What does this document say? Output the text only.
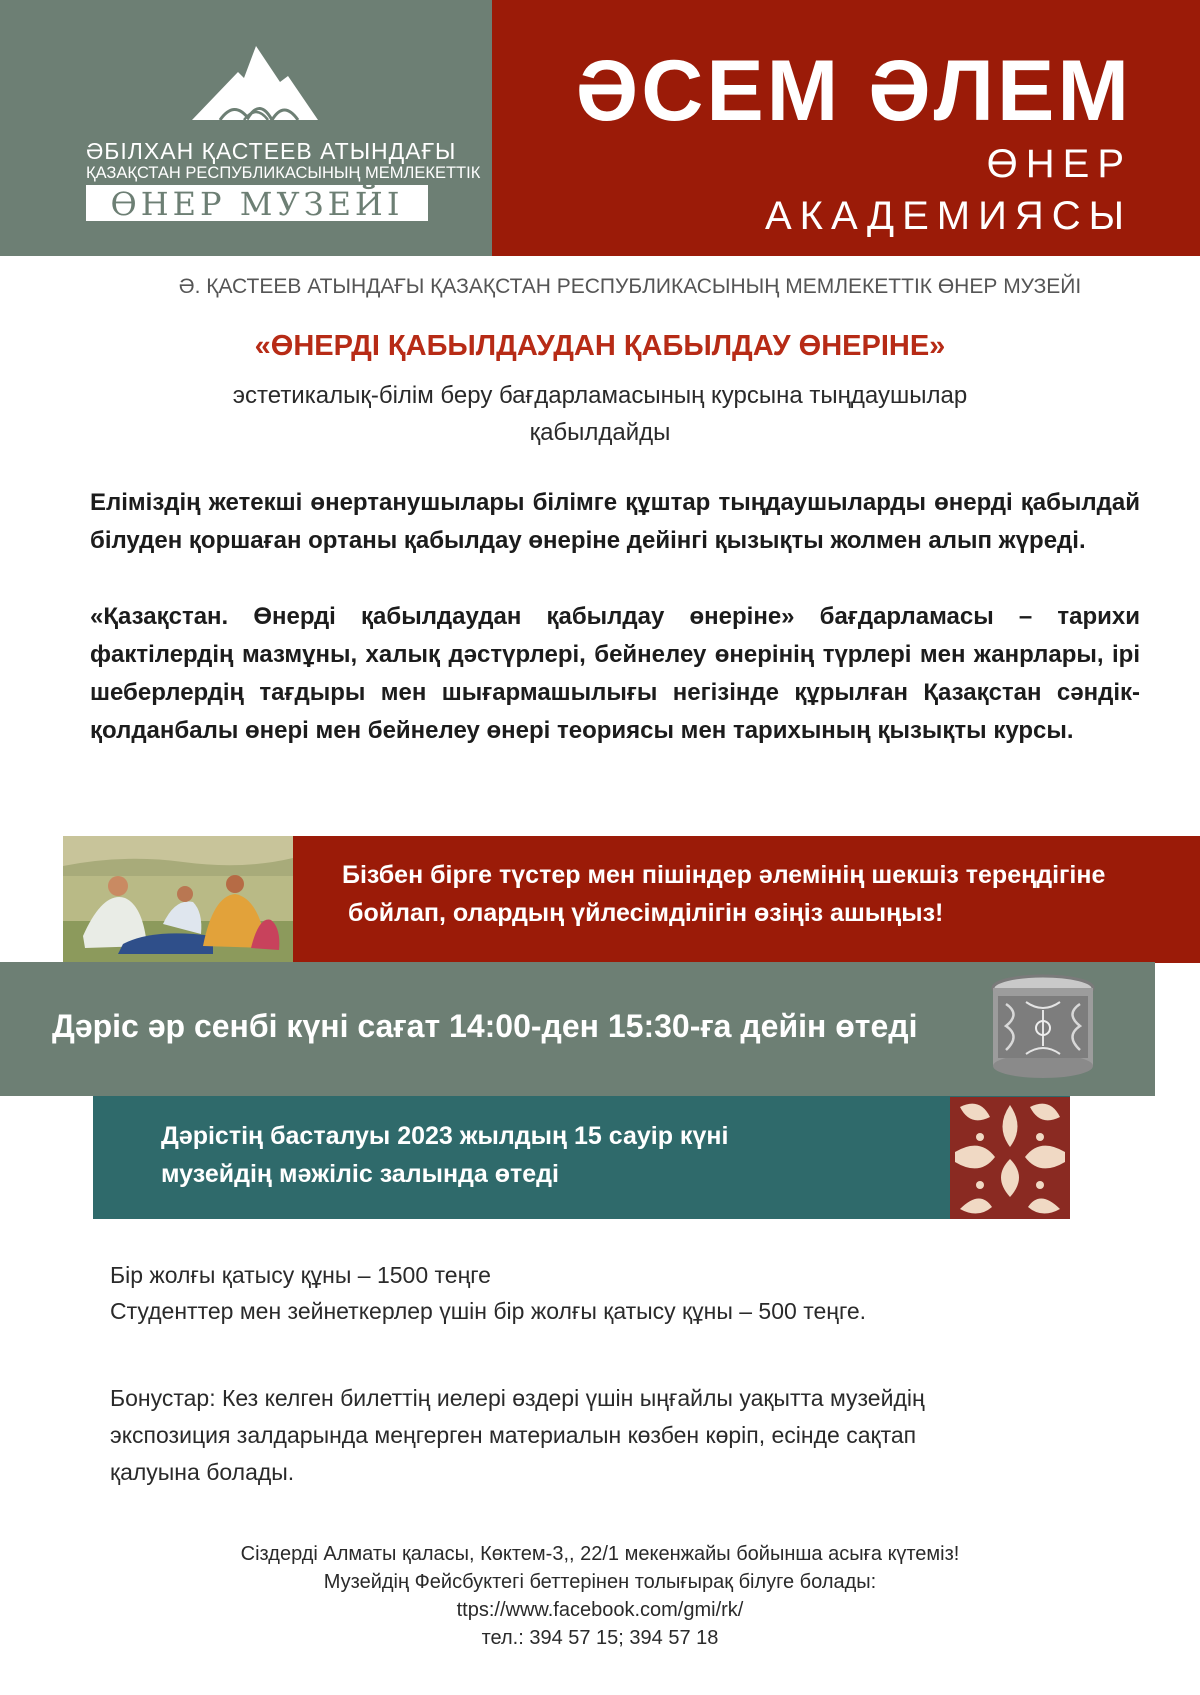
ӘБІЛХАН ҚАСТЕЕВ АТЫНДАҒЫ
ҚАЗАҚСТАН РЕСПУБЛИКАСЫНЫҢ МЕМЛЕКЕТТІК
ӨНЕР МУЗЕЙІ
ӘСЕМ ӘЛЕМ
ӨНЕР
АКАДЕМИЯСЫ
Ә. ҚАСТЕЕВ АТЫНДАҒЫ ҚАЗАҚСТАН РЕСПУБЛИКАСЫНЫҢ МЕМЛЕКЕТТІК ӨНЕР МУЗЕЙІ
«ӨНЕРДІ ҚАБЫЛДАУДАН ҚАБЫЛДАУ ӨНЕРІНЕ»
эстетикалық-білім беру бағдарламасының курсына тыңдаушылар
қабылдайды
Еліміздің жетекші өнертанушылары білімге құштар тыңдаушыларды өнерді қабылдай білуден қоршаған ортаны қабылдау өнеріне дейінгі қызықты жолмен алып жүреді.
«Қазақстан. Өнерді қабылдаудан қабылдау өнеріне» бағдарламасы – тарихи фактілердің мазмұны, халық дәстүрлері, бейнелеу өнерінің түрлері мен жанрлары, ірі шеберлердің тағдыры мен шығармашылығы негізінде құрылған Қазақстан сәндік-қолданбалы өнері мен бейнелеу өнері теориясы мен тарихының қызықты курсы.
Бізбен бірге түстер мен пішіндер әлемінің шекшіз тереңдігіне
бойлап, олардың үйлесімділігін өзіңіз ашыңыз!
Дәріс әр сенбі күні сағат 14:00-ден 15:30-ға дейін өтеді
Дәрістің басталуы 2023 жылдың 15 сауір күні
музейдің мәжіліс залында өтеді
Бір жолғы қатысу құны – 1500 теңге
Студенттер мен зейнеткерлер үшін бір жолғы қатысу құны – 500 теңге.
Бонустар: Кез келген билеттің иелері өздері үшін ыңғайлы уақытта музейдің
экспозиция залдарында меңгерген материалын көзбен көріп, есінде сақтап
қалуына болады.
Сіздерді Алматы қаласы, Көктем-3,, 22/1 мекенжайы бойынша асыға күтеміз!
Музейдің Фейсбуктегі беттерінен толығырақ білуге болады:
ttps://www.facebook.com/gmi/rk/
тел.: 394 57 15; 394 57 18
